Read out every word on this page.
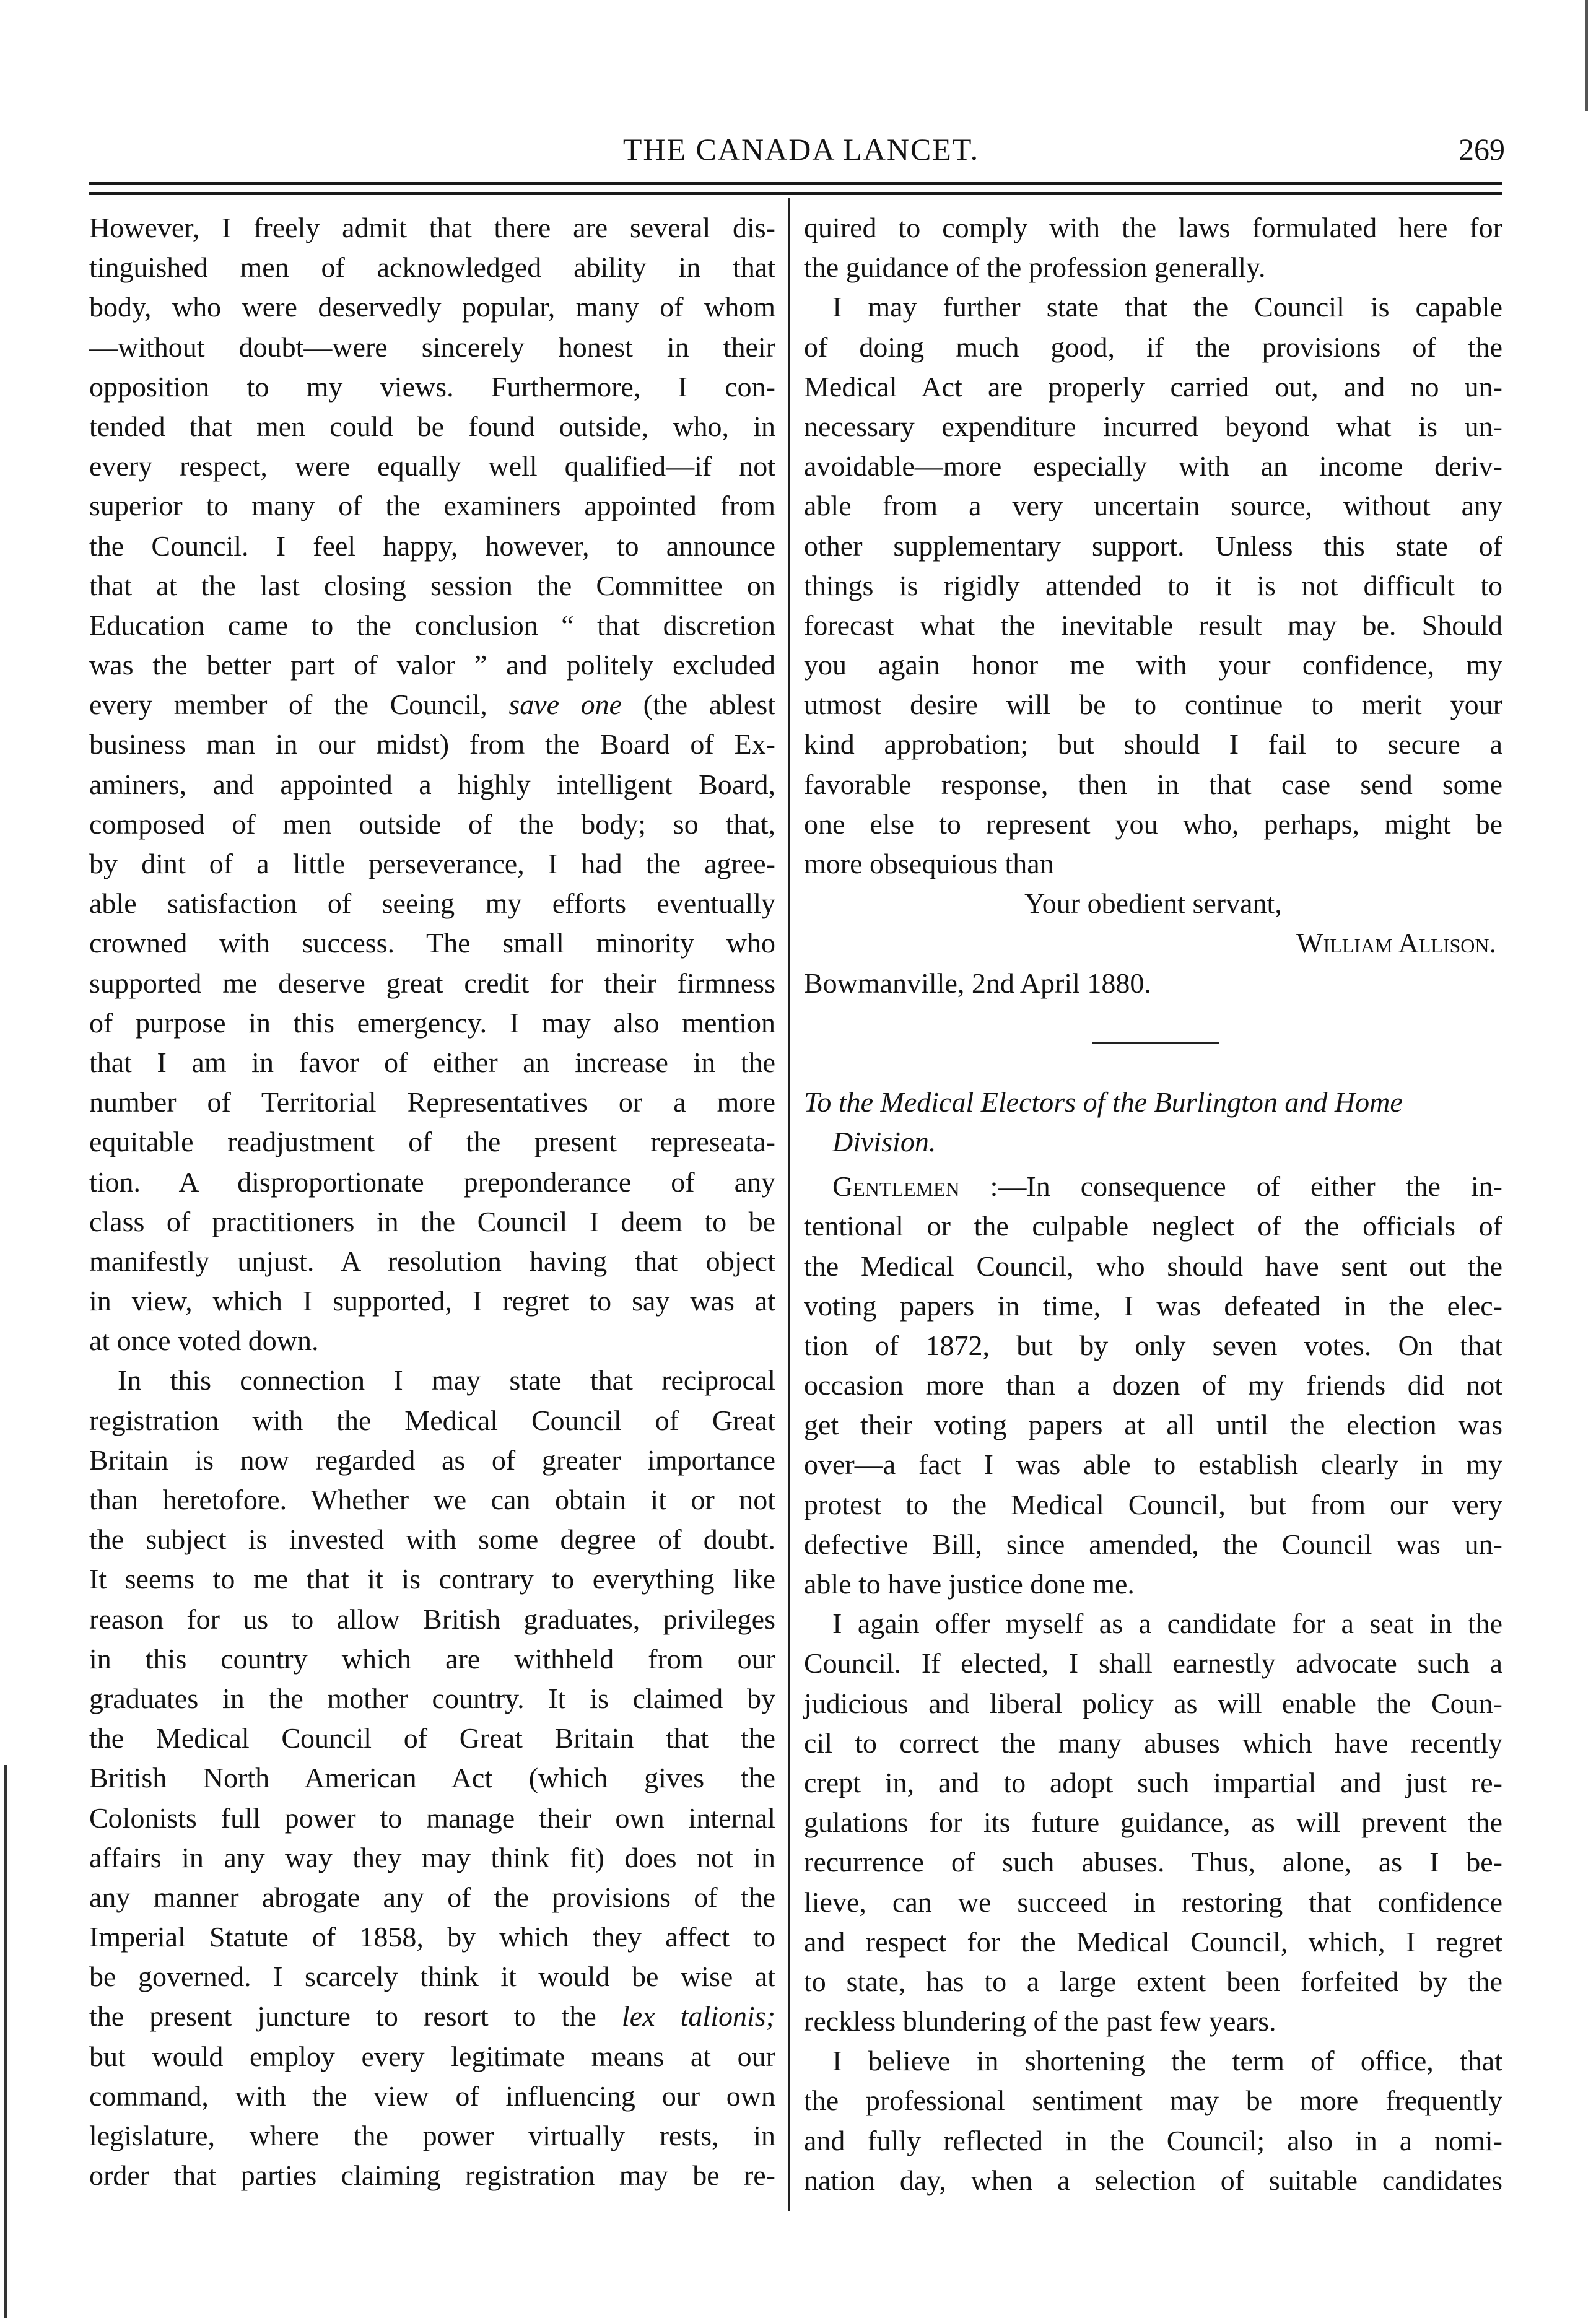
THE CANADA LANCET.	269
However, I freely admit that there are several dis-
tinguished men of acknowledged ability in that
body, who were deservedly popular, many of whom
—without doubt—were sincerely honest in their
opposition to my views. Furthermore, I con-
tended that men could be found outside, who, in
every respect, were equally well qualified—if not
superior to many of the examiners appointed from
the Council. I feel happy, however, to announce
that at the last closing session the Committee on
Education came to the conclusion “ that discretion
was the better part of valor ” and politely excluded
every member of the Council, save one (the ablest
business man in our midst) from the Board of Ex-
aminers, and appointed a highly intelligent Board,
composed of men outside of the body; so that,
by dint of a little perseverance, I had the agree-
able satisfaction of seeing my efforts eventually
crowned with success. The small minority who
supported me deserve great credit for their firmness
of purpose in this emergency. I may also mention
that I am in favor of either an increase in the
number of Territorial Representatives or a more
equitable readjustment of the present represeata-
tion. A disproportionate preponderance of any
class of practitioners in the Council I deem to be
manifestly unjust. A resolution having that object
in view, which I supported, I regret to say was at
at once voted down.
In this connection I may state that reciprocal
registration with the Medical Council of Great
Britain is now regarded as of greater importance
than heretofore. Whether we can obtain it or not
the subject is invested with some degree of doubt.
It seems to me that it is contrary to everything like
reason for us to allow British graduates, privileges
in this country which are withheld from our
graduates in the mother country. It is claimed by
the Medical Council of Great Britain that the
British North American Act (which gives the
Colonists full power to manage their own internal
affairs in any way they may think fit) does not in
any manner abrogate any of the provisions of the
Imperial Statute of 1858, by which they affect to
be governed. I scarcely think it would be wise at
the present juncture to resort to the lex talionis;
but would employ every legitimate means at our
command, with the view of influencing our own
legislature, where the power virtually rests, in
order that parties claiming registration may be re-
quired to comply with the laws formulated here for
the guidance of the profession generally.
I may further state that the Council is capable
of doing much good, if the provisions of the
Medical Act are properly carried out, and no un-
necessary expenditure incurred beyond what is un-
avoidable—more especially with an income deriv-
able from a very uncertain source, without any
other supplementary support. Unless this state of
things is rigidly attended to it is not difficult to
forecast what the inevitable result may be. Should
you again honor me with your confidence, my
utmost desire will be to continue to merit your
kind approbation; but should I fail to secure a
favorable response, then in that case send some
one else to represent you who, perhaps, might be
more obsequious than
Your obedient servant,
William Allison.
Bowmanville, 2nd April 1880.
To the Medical Electors of the Burlington and Home
Division.
Gentlemen :—In consequence of either the in-
tentional or the culpable neglect of the officials of
the Medical Council, who should have sent out the
voting papers in time, I was defeated in the elec-
tion of 1872, but by only seven votes. On that
occasion more than a dozen of my friends did not
get their voting papers at all until the election was
over—a fact I was able to establish clearly in my
protest to the Medical Council, but from our very
defective Bill, since amended, the Council was un-
able to have justice done me.
I again offer myself as a candidate for a seat in the
Council. If elected, I shall earnestly advocate such a
judicious and liberal policy as will enable the Coun-
cil to correct the many abuses which have recently
crept in, and to adopt such impartial and just re-
gulations for its future guidance, as will prevent the
recurrence of such abuses. Thus, alone, as I be-
lieve, can we succeed in restoring that confidence
and respect for the Medical Council, which, I regret
to state, has to a large extent been forfeited by the
reckless blundering of the past few years.
I believe in shortening the term of office, that
the professional sentiment may be more frequently
and fully reflected in the Council; also in a nomi-
nation day, when a selection of suitable candidates
